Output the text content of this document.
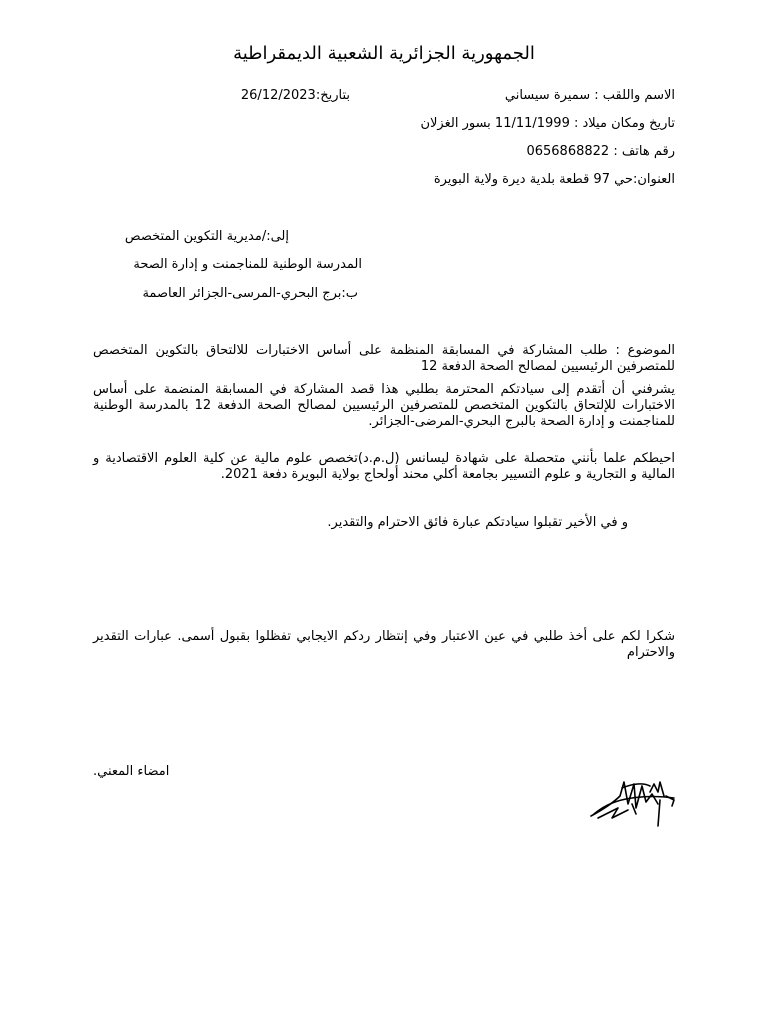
الجمهورية الجزائرية الشعبية الديمقراطية
الاسم واللقب : سميرة سيساني
بتاريخ:26/12/2023
تاريخ ومكان ميلاد : 11/11/1999 بسور الغزلان
رقم هاتف : 0656868822
العنوان:حي 97 قطعة بلدية ديرة ولاية البويرة
إلى:/مديرية التكوين المتخصص
المدرسة الوطنية للمناجمنت و إدارة الصحة
ب:برج البحري-المرسى-الجزائر العاصمة
الموضوع : طلب المشاركة في المسابقة المنظمة على أساس الاختبارات للالتحاق بالتكوين المتخصص للمتصرفين الرئيسيين لمصالح الصحة الدفعة 12
يشرفني أن أتقدم إلى سيادتكم المحترمة بطلبي هذا قصد المشاركة في المسابقة المنضمة على أساس الاختبارات للإلتحاق بالتكوين المتخصص للمتصرفين الرئيسيين لمصالح الصحة الدفعة 12 بالمدرسة الوطنية للمناجمنت و إدارة الصحة بالبرج البحري-المرضى-الجزائر.
احيطكم علما بأنني متحصلة على شهادة ليسانس (ل.م.د)تخصص علوم مالية عن كلية العلوم الاقتصادية و المالية و التجارية و علوم التسيير بجامعة أكلي محند أولحاج بولاية البويرة دفعة 2021.
و في الأخير تقبلوا سيادتكم عبارة فائق الاحترام والتقدير.
شكرا لكم على أخذ طلبي في عين الاعتبار وفي إنتظار ردكم الايجابي تفظلوا بقبول أسمى. عبارات التقدير والاحترام
امضاء المعني.
